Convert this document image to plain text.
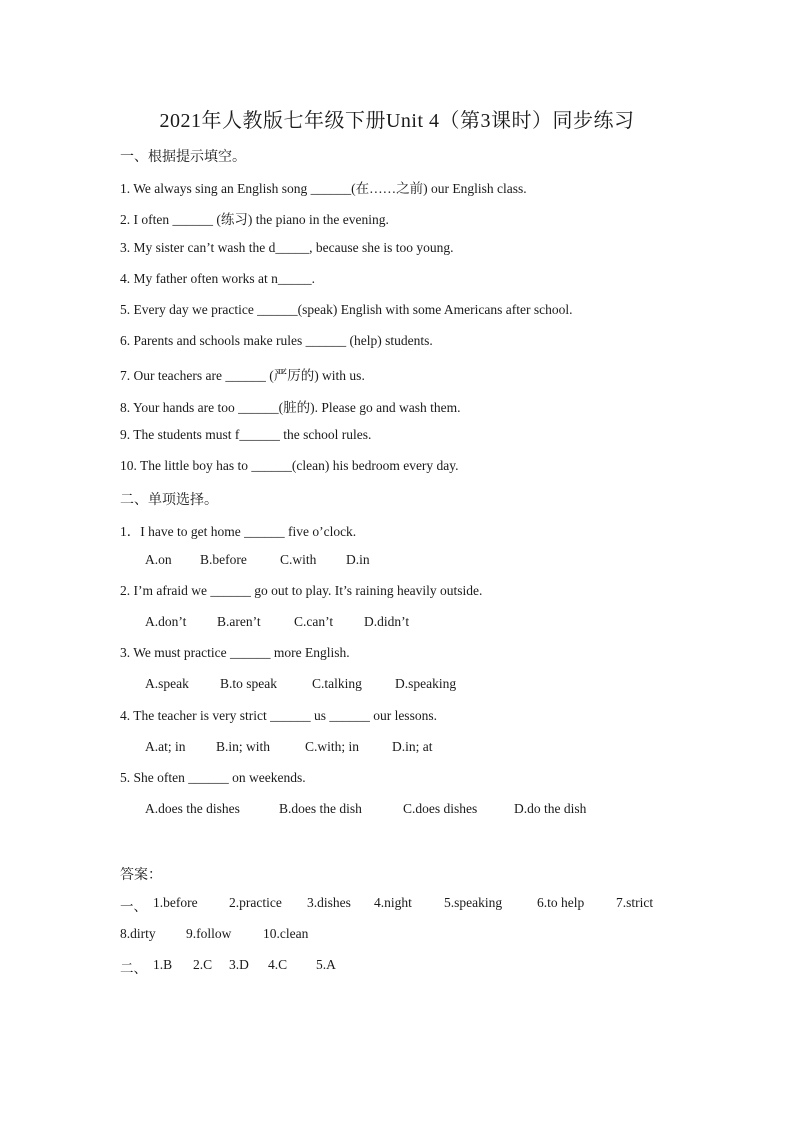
2021年人教版七年级下册Unit 4（第3课时）同步练习
一、根据提示填空。
1. We always sing an English song ______(在……之前) our English class.
2. I often ______ (练习) the piano in the evening.
3. My sister can’t wash the d_____, because she is too young.
4. My father often works at n_____.
5. Every day we practice ______(speak) English with some Americans after school.
6. Parents and schools make rules ______ (help) students.
7. Our teachers are ______ (严厉的) with us.
8. Your hands are too ______(脏的). Please go and wash them.
9. The students must f______ the school rules.
10. The little boy has to ______(clean) his bedroom every day.
二、单项选择。
1．I have to get home ______ five o’clock.
A.on B.before C.with D.in
2. I’m afraid we ______ go out to play. It’s raining heavily outside.
A.don’t B.aren’t C.can’t D.didn’t
3. We must practice ______ more English.
A.speak B.to speak	C.talking D.speaking
4. The teacher is very strict ______ us ______ our lessons.
A.at; in B.in; with	C.with; in D.in; at
5. She often ______ on weekends.
A.does the dishes	B.does the dish	C.does dishes	D.do the dish
答案：
一、 1.before 2.practice 3.dishes 4.night 5.speaking	6.to help 7.strict
8.dirty 9.follow 10.clean
二、 1.B 2.C 3.D 4.C 5.A
